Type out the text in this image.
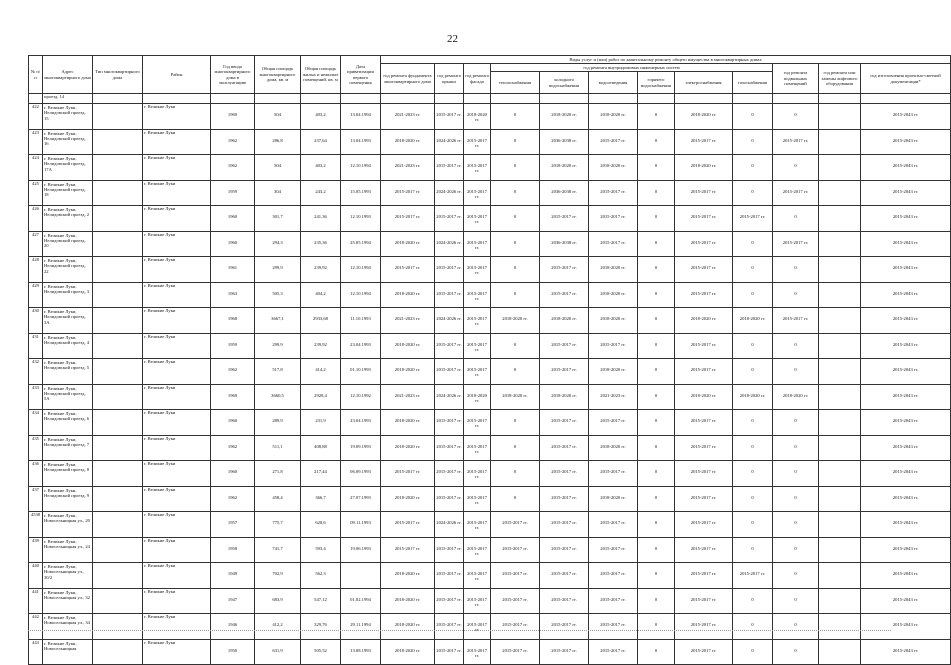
22
№ п/п	Адрес многоквартирного дома	Тип многоквартирного дома	Район	Год ввода многоквартирного дома в эксплуатацию	Общая площадь многоквартирного дома, кв. м	Общая площадь жилых и нежилых помещений, кв. м	Дата приватизации первого помещения	Виды услуг и (или) работ по капитальному ремонту общего имущества в многоквартирных домах											
								год ремонта фундамента многоквартирного дома	год ремонта крыши	год ремонта фасада	год ремонта внутридомовых инженерных систем						год ремонта подвальных помещений	год ремонта или замены лифтового оборудования	год изготовления проектно-сметной документации*
											теплоснабжения	холодного водоснабжения	водоотведения	горячего водоснабжения	электроснабжения	газоснабжения			
	проезд, 14																		
422	г. Великие Луки, Нелидовский проезд, 15		г. Великие Луки	1969	504	403,2	13.04.1994	2021-2023 гг.	2015-2017 гг.	2018-2020 гг.	0	2018-2020 гг.	2018-2020 гг.	0	2018-2020 гг.	0	0		2015-2043 гг.
423	г. Великие Луки, Нелидовский проезд, 16		г. Великие Луки	1962	286,8	237,64	13.04.1993	2018-2020 гг.	2024-2026 гг.	2015-2017 гг.	0	2036-2038 гг.	2015-2017 гг.	0	2015-2017 гг.	0	2015-2017 гг.		2015-2043 гг.
424	г. Великие Луки, Нелидовский проезд, 17А		г. Великие Луки	1962	504	403,2	12.10.1994	2021-2023 гг.	2015-2017 гг.	2015-2017 гг.	0	2018-2020 гг.	2018-2020 гг.	0	2018-2020 гг.	0	0		2015-2043 гг.
425	г. Великие Луки, Нелидовский проезд, 18		г. Великие Луки	1959	304	243,2	15.05.1993	2015-2017 гг.	2024-2026 гг.	2015-2017 гг.	0	2036-2038 гг.	2015-2017 гг.	0	2015-2017 гг.	0	2015-2017 гг.		2015-2043 гг.
426	г. Великие Луки, Нелидовский проезд, 2		г. Великие Луки	1960	301,7	241,36	12.10.1993	2015-2017 гг.	2015-2017 гг.	2015-2017 гг.	0	2015-2017 гг.	2015-2017 гг.	0	2015-2017 гг.	2015-2017 гг.	0		2015-2043 гг.
427	г. Великие Луки, Нелидовский проезд, 20		г. Великие Луки	1960	294,3	235,36	25.05.1994	2018-2020 гг.	2024-2026 гг.	2015-2017 гг.	0	2036-2038 гг.	2015-2017 гг.	0	2015-2017 гг.	0	2015-2017 гг.		2015-2043 гг.
428	г. Великие Луки, Нелидовский проезд, 22		г. Великие Луки	1961	299,9	239,92	12.10.1994	2015-2017 гг.	2015-2017 гг.	2015-2017 гг.	0	2015-2017 гг.	2018-2020 гг.	0	2015-2017 гг.	0	0		2015-2043 гг.
429	г. Великие Луки, Нелидовский проезд, 3		г. Великие Луки	1963	505,3	404,2	12.10.1994	2018-2020 гг.	2015-2017 гг.	2015-2017 гг.	0	2015-2017 гг.	2018-2020 гг.	0	2015-2017 гг.	0	0		2015-2043 гг.
430	г. Великие Луки, Нелидовский проезд, 3А		г. Великие Луки	1968	3667,1	2933,68	11.10.1993	2021-2023 гг.	2024-2026 гг.	2015-2017 гг.	2018-2020 гг.	2018-2020 гг.	2018-2020 гг.	0	2018-2020 гг.	2018-2020 гг.	2015-2017 гг.		2015-2043 гг.
431	г. Великие Луки, Нелидовский проезд, 4		г. Великие Луки	1959	299,9	239,92	23.04.1993	2018-2020 гг.	2015-2017 гг.	2015-2017 гг.	0	2015-2017 гг.	2015-2017 гг.	0	2015-2017 гг.	0	0		2015-2043 гг.
432	г. Великие Луки, Нелидовский проезд, 5		г. Великие Луки	1962	517,8	414,2	01.10.1993	2018-2020 гг.	2015-2017 гг.	2015-2017 гг.	0	2015-2017 гг.	2018-2020 гг.	0	2015-2017 гг.	0	0		2015-2043 гг.
433	г. Великие Луки, Нелидовский проезд, 5А		г. Великие Луки	1969	3660,5	2928,4	12.10.1992	2021-2023 гг.	2024-2026 гг.	2018-2020 гг.	2018-2020 гг.	2018-2020 гг.	2021-2023 гг.	0	2018-2020 гг.	2018-2020 гг.	2018-2020 гг.		2015-2043 гг.
434	г. Великие Луки, Нелидовский проезд, 6		г. Великие Луки	1960	289,9	231,9	23.04.1993	2018-2020 гг.	2015-2017 гг.	2015-2017 гг.	0	2015-2017 гг.	2015-2017 гг.	0	2015-2017 гг.	0	0		2015-2043 гг.
435	г. Великие Луки, Нелидовский проезд, 7		г. Великие Луки	1962	511,1	408,88	19.09.1993	2018-2020 гг.	2015-2017 гг.	2015-2017 гг.	0	2015-2017 гг.	2018-2020 гг.	0	2015-2017 гг.	0	0		2015-2043 гг.
436	г. Великие Луки, Нелидовский проезд, 8		г. Великие Луки	1960	271,8	217,44	06.09.1993	2015-2017 гг.	2015-2017 гг.	2015-2017 гг.	0	2015-2017 гг.	2015-2017 гг.	0	2015-2017 гг.	0	0		2015-2043 гг.
437	г. Великие Луки, Нелидовский проезд, 9		г. Великие Луки	1962	458,4	366,7	27.07.1993	2018-2020 гг.	2015-2017 гг.	2015-2017 гг.	0	2015-2017 гг.	2018-2020 гг.	0	2015-2017 гг.	0	0		2015-2043 гг.
4538	г. Великие Луки, Новосельницкая ул., 20		г. Великие Луки	1957	775,7	620,6	09.11.1993	2015-2017 гг.	2024-2026 гг.	2015-2017 гг.	2015-2017 гг.	2015-2017 гг.	2015-2017 гг.	0	2015-2017 гг.	0	0		2015-2043 гг.
439	г. Великие Луки, Новосельницкая ул., 24		г. Великие Луки	1958	741,7	593,4	19.06.1993	2015-2017 гг.	2015-2017 гг.	2015-2017 гг.	2015-2017 гг.	2015-2017 гг.	2015-2017 гг.	0	2015-2017 гг.	0	0		2015-2043 гг.
440	г. Великие Луки, Новосельницкая ул., 30/2		г. Великие Луки	1949	702,9	562,3		2018-2020 гг.	2015-2017 гг.	2015-2017 гг.	2015-2017 гг.	2015-2017 гг.	2015-2017 гг.	0	2015-2017 гг.	2015-2017 гг.	0		2015-2043 гг.
441	г. Великие Луки, Новосельницкая ул., 32		г. Великие Луки	1947	683,9	547,12	01.02.1994	2018-2020 гг.	2015-2017 гг.	2015-2017 гг.	2015-2017 гг.	2015-2017 гг.	2015-2017 гг.	0	2015-2017 гг.	0	0		2015-2043 гг.
442	г. Великие Луки, Новосельницкая ул., 34		г. Великие Луки	1946	412,2	329,76	29.11.1994	2018-2020 гг.	2015-2017 гг.	2015-2017 гг.	2015-2017 гг.	2015-2017 гг.	2015-2017 гг.	0	2015-2017 гг.	0	0		2015-2043 гг.
443	г. Великие Луки, Новосельницкая		г. Великие Луки	1950	631,9	505,52	13.08.1993	2018-2020 гг.	2015-2017 гг.	2015-2017 гг.	2015-2017 гг.	2015-2017 гг.	2015-2017 гг.	0	2015-2017 гг.	0	0		2015-2043 гг.
